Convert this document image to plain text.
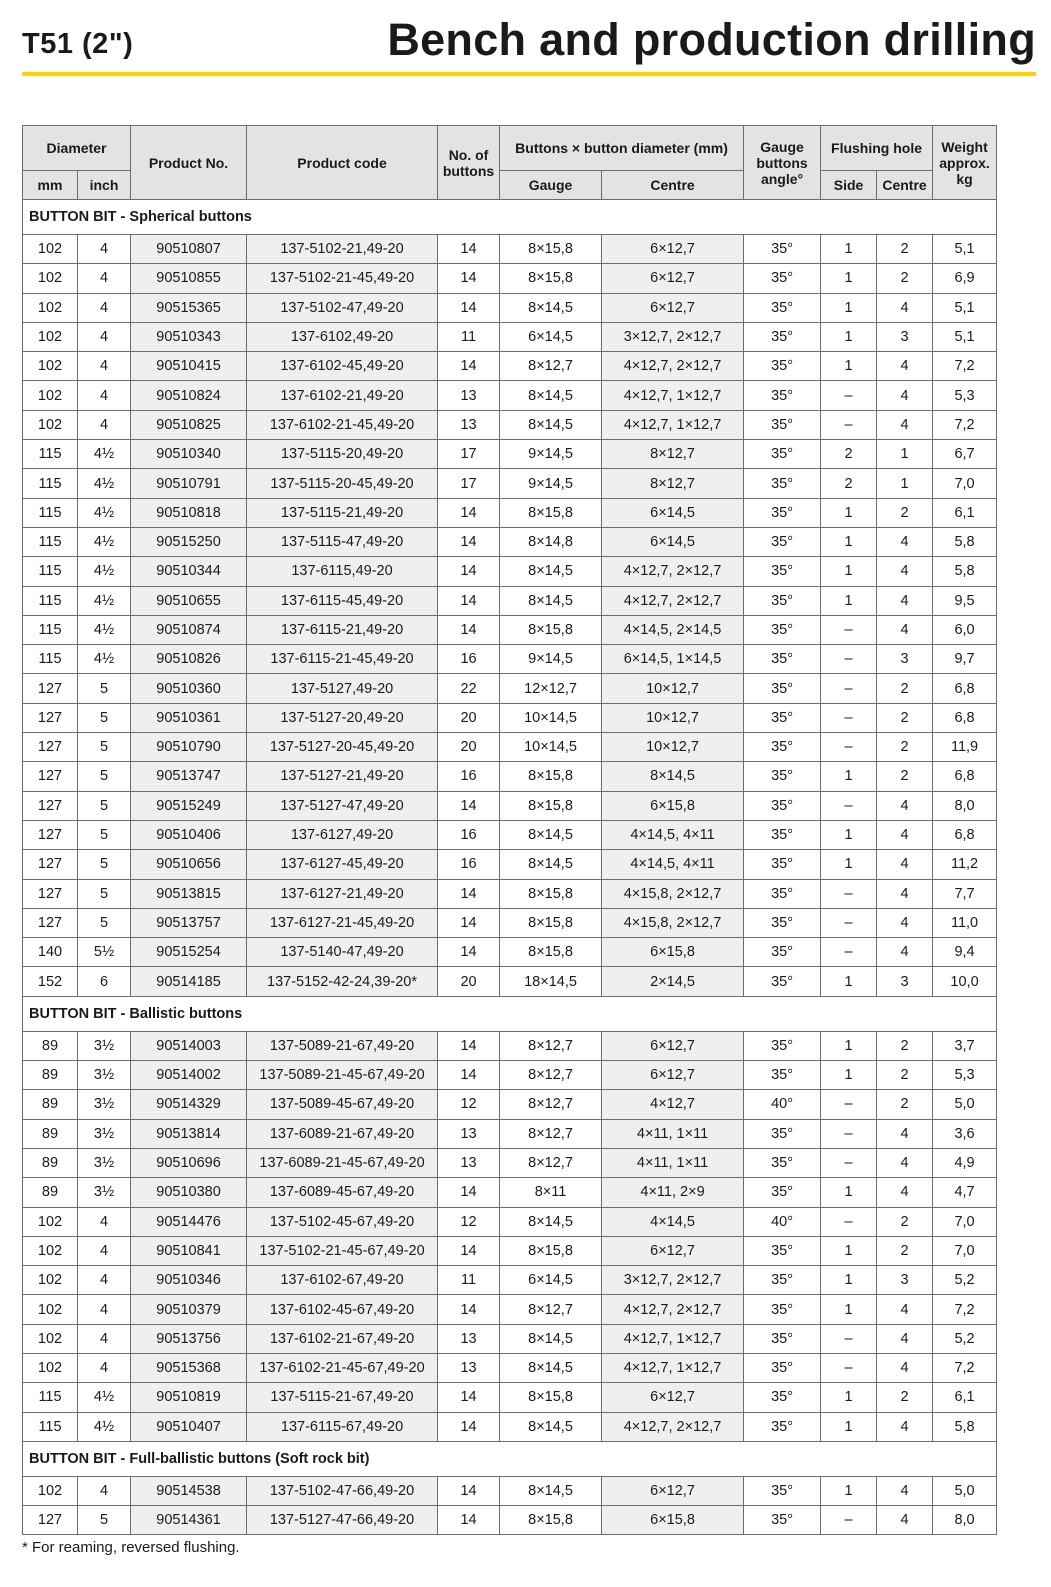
T51 (2")	Bench and production drilling
Diameter		Product No.	Product code	No. of buttons	Buttons × button diameter (mm)		Gauge buttons angle°	Flushing hole		Weight approx. kg
mm	inch				Gauge	Centre		Side	Centre	
BUTTON BIT - Spherical buttons										
102	4	90510807	137-5102-21,49-20	14	8×15,8	6×12,7	35°	1	2	5,1
102	4	90510855	137-5102-21-45,49-20	14	8×15,8	6×12,7	35°	1	2	6,9
102	4	90515365	137-5102-47,49-20	14	8×14,5	6×12,7	35°	1	4	5,1
102	4	90510343	137-6102,49-20	11	6×14,5	3×12,7, 2×12,7	35°	1	3	5,1
102	4	90510415	137-6102-45,49-20	14	8×12,7	4×12,7, 2×12,7	35°	1	4	7,2
102	4	90510824	137-6102-21,49-20	13	8×14,5	4×12,7, 1×12,7	35°	–	4	5,3
102	4	90510825	137-6102-21-45,49-20	13	8×14,5	4×12,7, 1×12,7	35°	–	4	7,2
115	4½	90510340	137-5115-20,49-20	17	9×14,5	8×12,7	35°	2	1	6,7
115	4½	90510791	137-5115-20-45,49-20	17	9×14,5	8×12,7	35°	2	1	7,0
115	4½	90510818	137-5115-21,49-20	14	8×15,8	6×14,5	35°	1	2	6,1
115	4½	90515250	137-5115-47,49-20	14	8×14,8	6×14,5	35°	1	4	5,8
115	4½	90510344	137-6115,49-20	14	8×14,5	4×12,7, 2×12,7	35°	1	4	5,8
115	4½	90510655	137-6115-45,49-20	14	8×14,5	4×12,7, 2×12,7	35°	1	4	9,5
115	4½	90510874	137-6115-21,49-20	14	8×15,8	4×14,5, 2×14,5	35°	–	4	6,0
115	4½	90510826	137-6115-21-45,49-20	16	9×14,5	6×14,5, 1×14,5	35°	–	3	9,7
127	5	90510360	137-5127,49-20	22	12×12,7	10×12,7	35°	–	2	6,8
127	5	90510361	137-5127-20,49-20	20	10×14,5	10×12,7	35°	–	2	6,8
127	5	90510790	137-5127-20-45,49-20	20	10×14,5	10×12,7	35°	–	2	11,9
127	5	90513747	137-5127-21,49-20	16	8×15,8	8×14,5	35°	1	2	6,8
127	5	90515249	137-5127-47,49-20	14	8×15,8	6×15,8	35°	–	4	8,0
127	5	90510406	137-6127,49-20	16	8×14,5	4×14,5, 4×11	35°	1	4	6,8
127	5	90510656	137-6127-45,49-20	16	8×14,5	4×14,5, 4×11	35°	1	4	11,2
127	5	90513815	137-6127-21,49-20	14	8×15,8	4×15,8, 2×12,7	35°	–	4	7,7
127	5	90513757	137-6127-21-45,49-20	14	8×15,8	4×15,8, 2×12,7	35°	–	4	11,0
140	5½	90515254	137-5140-47,49-20	14	8×15,8	6×15,8	35°	–	4	9,4
152	6	90514185	137-5152-42-24,39-20*	20	18×14,5	2×14,5	35°	1	3	10,0
BUTTON BIT - Ballistic buttons										
89	3½	90514003	137-5089-21-67,49-20	14	8×12,7	6×12,7	35°	1	2	3,7
89	3½	90514002	137-5089-21-45-67,49-20	14	8×12,7	6×12,7	35°	1	2	5,3
89	3½	90514329	137-5089-45-67,49-20	12	8×12,7	4×12,7	40°	–	2	5,0
89	3½	90513814	137-6089-21-67,49-20	13	8×12,7	4×11, 1×11	35°	–	4	3,6
89	3½	90510696	137-6089-21-45-67,49-20	13	8×12,7	4×11, 1×11	35°	–	4	4,9
89	3½	90510380	137-6089-45-67,49-20	14	8×11	4×11, 2×9	35°	1	4	4,7
102	4	90514476	137-5102-45-67,49-20	12	8×14,5	4×14,5	40°	–	2	7,0
102	4	90510841	137-5102-21-45-67,49-20	14	8×15,8	6×12,7	35°	1	2	7,0
102	4	90510346	137-6102-67,49-20	11	6×14,5	3×12,7, 2×12,7	35°	1	3	5,2
102	4	90510379	137-6102-45-67,49-20	14	8×12,7	4×12,7, 2×12,7	35°	1	4	7,2
102	4	90513756	137-6102-21-67,49-20	13	8×14,5	4×12,7, 1×12,7	35°	–	4	5,2
102	4	90515368	137-6102-21-45-67,49-20	13	8×14,5	4×12,7, 1×12,7	35°	–	4	7,2
115	4½	90510819	137-5115-21-67,49-20	14	8×15,8	6×12,7	35°	1	2	6,1
115	4½	90510407	137-6115-67,49-20	14	8×14,5	4×12,7, 2×12,7	35°	1	4	5,8
BUTTON BIT - Full-ballistic buttons (Soft rock bit)										
102	4	90514538	137-5102-47-66,49-20	14	8×14,5	6×12,7	35°	1	4	5,0
127	5	90514361	137-5127-47-66,49-20	14	8×15,8	6×15,8	35°	–	4	8,0
* For reaming, reversed flushing.
